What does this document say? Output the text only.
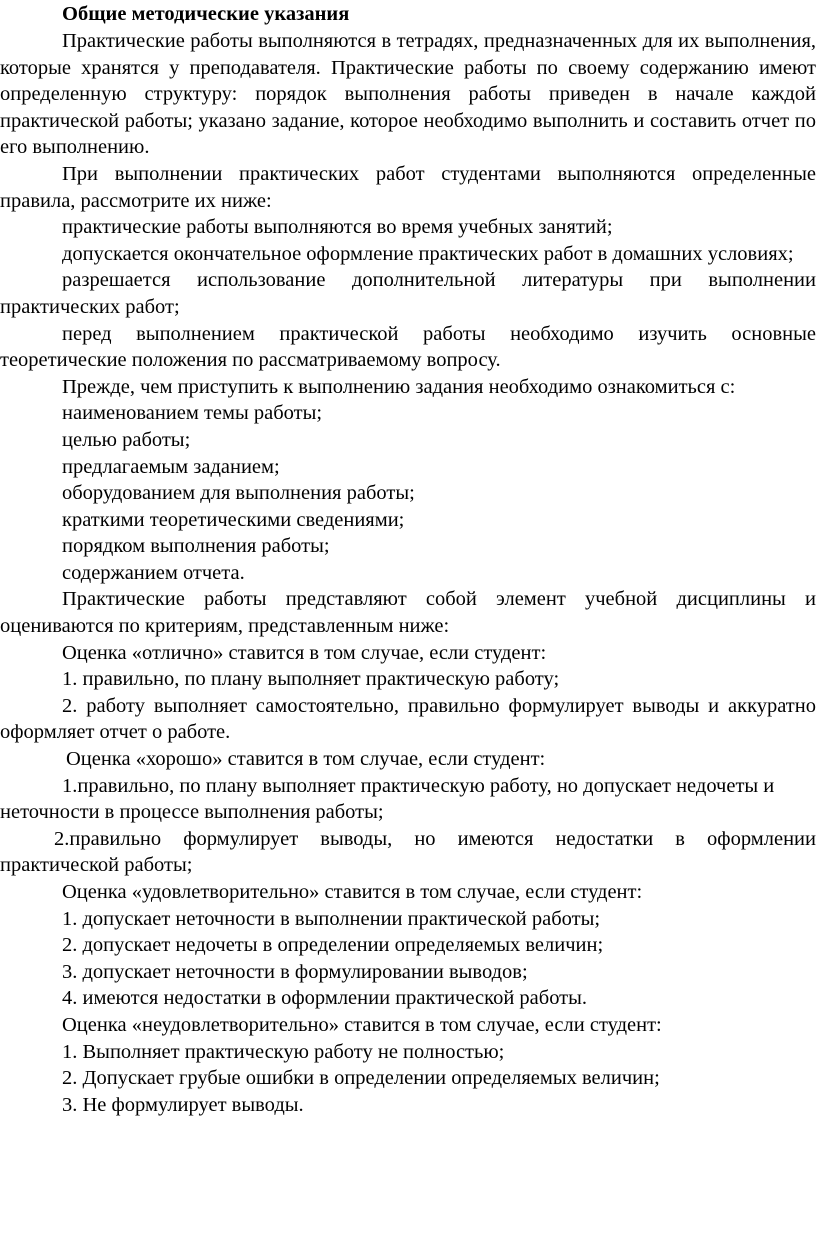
Общие методические указания

Практические работы выполняются в тетрадях, предназначенных для их выполнения, которые хранятся у преподавателя. Практические работы по своему содержанию имеют определенную структуру: порядок выполнения работы приведен в начале каждой практической работы; указано задание, которое необходимо выполнить и составить отчет по его выполнению.

При выполнении практических работ студентами выполняются определенные правила, рассмотрите их ниже:

практические работы выполняются во время учебных занятий;

допускается окончательное оформление практических работ в домашних условиях;

разрешается использование дополнительной литературы при выполнении практических работ;

перед выполнением практической работы необходимо изучить основные теоретические положения по рассматриваемому вопросу.

Прежде, чем приступить к выполнению задания необходимо ознакомиться с:

наименованием темы работы;

целью работы;

предлагаемым заданием;

оборудованием для выполнения работы;

краткими теоретическими сведениями;

порядком выполнения работы;

содержанием отчета.

Практические работы представляют собой элемент учебной дисциплины и оцениваются по критериям, представленным ниже:

Оценка «отлично» ставится в том случае, если студент:

1. правильно, по плану выполняет практическую работу;

2. работу выполняет самостоятельно, правильно формулирует выводы и аккуратно оформляет отчет о работе.

Оценка «хорошо» ставится в том случае, если студент:

1.правильно, по плану выполняет практическую работу, но допускает недочеты и неточности в процессе выполнения работы;

2.правильно формулирует выводы, но имеются недостатки в оформлении практической работы;

Оценка «удовлетворительно» ставится в том случае, если студент:

1. допускает неточности в выполнении практической работы;

2. допускает недочеты в определении определяемых величин;

3. допускает неточности в формулировании выводов;

4. имеются недостатки в оформлении практической работы.

Оценка «неудовлетворительно» ставится в том случае, если студент:

1. Выполняет практическую работу не полностью;

2. Допускает грубые ошибки в определении определяемых величин;

3. Не формулирует выводы.
